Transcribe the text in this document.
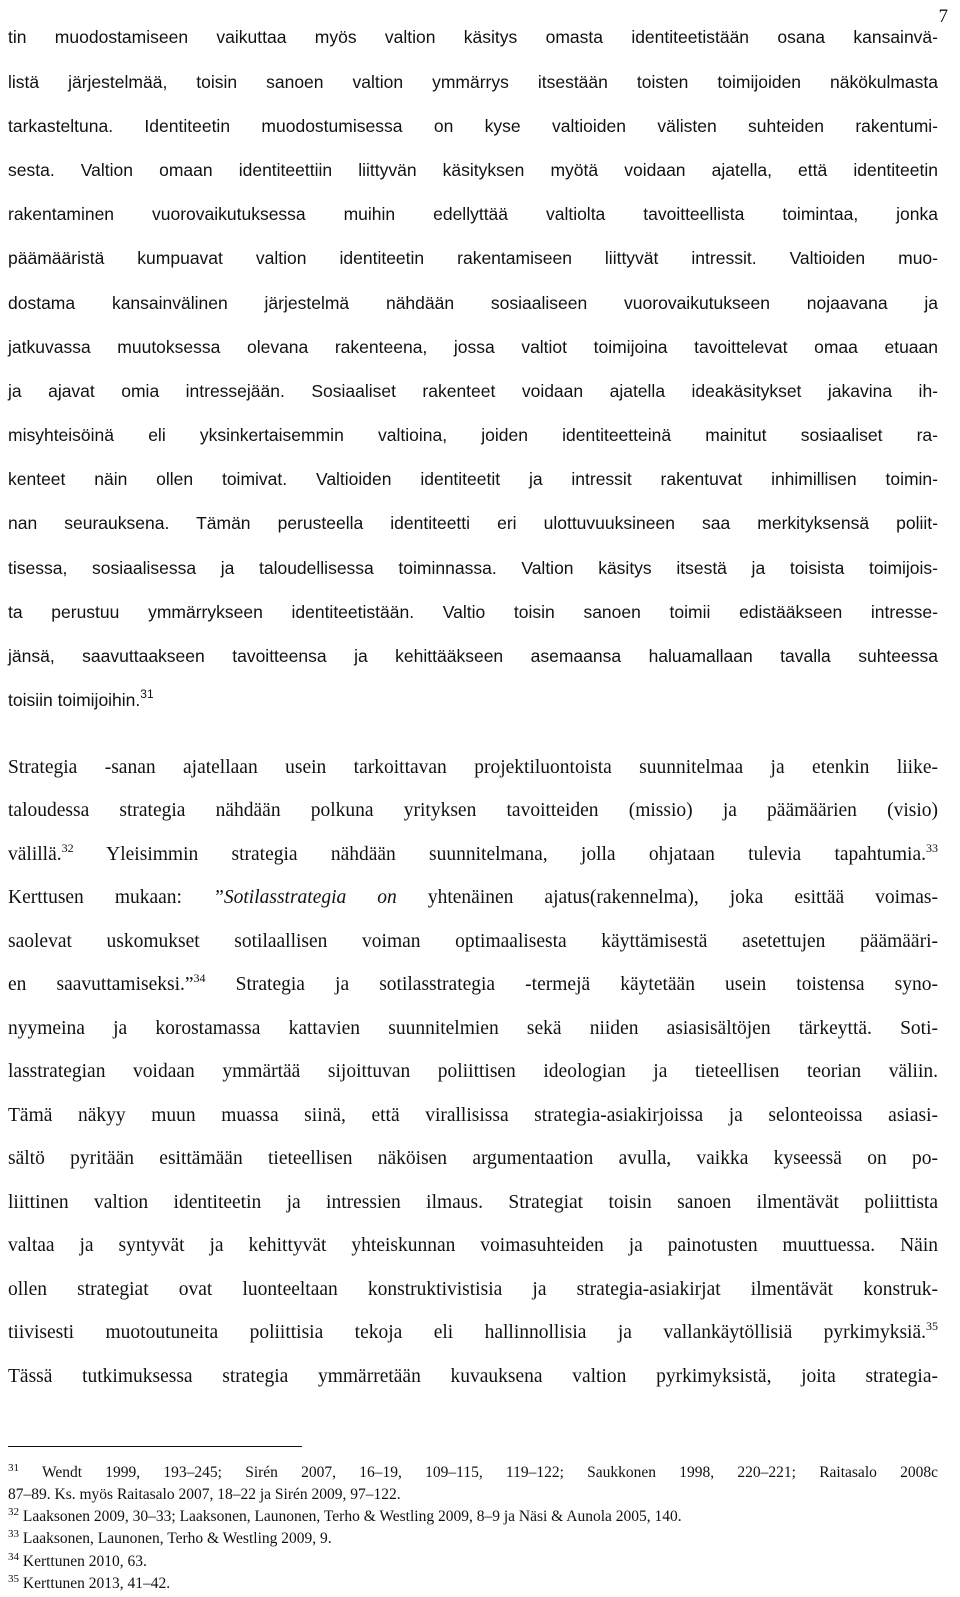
7

tin muodostamiseen vaikuttaa myös valtion käsitys omasta identiteetistään osana kansainvä-

listä järjestelmää, toisin sanoen valtion ymmärrys itsestään toisten toimijoiden näkökulmasta

tarkasteltuna. Identiteetin muodostumisessa on kyse valtioiden välisten suhteiden rakentumi-

sesta. Valtion omaan identiteettiin liittyvän käsityksen myötä voidaan ajatella, että identiteetin

rakentaminen vuorovaikutuksessa muihin edellyttää valtiolta tavoitteellista toimintaa, jonka

päämääristä kumpuavat valtion identiteetin rakentamiseen liittyvät intressit. Valtioiden muo-

dostama kansainvälinen järjestelmä nähdään sosiaaliseen vuorovaikutukseen nojaavana ja

jatkuvassa muutoksessa olevana rakenteena, jossa valtiot toimijoina tavoittelevat omaa etuaan

ja ajavat omia intressejään. Sosiaaliset rakenteet voidaan ajatella ideakäsitykset jakavina ih-

misyhteisöinä eli yksinkertaisemmin valtioina, joiden identiteetteinä mainitut sosiaaliset ra-

kenteet näin ollen toimivat. Valtioiden identiteetit ja intressit rakentuvat inhimillisen toimin-

nan seurauksena. Tämän perusteella identiteetti eri ulottuvuuksineen saa merkityksensä poliit-

tisessa, sosiaalisessa ja taloudellisessa toiminnassa. Valtion käsitys itsestä ja toisista toimijois-

ta perustuu ymmärrykseen identiteetistään. Valtio toisin sanoen toimii edistääkseen intresse-

jänsä, saavuttaakseen tavoitteensa ja kehittääkseen asemaansa haluamallaan tavalla suhteessa

toisiin toimijoihin.$^{31}$

Strategia -sanan ajatellaan usein tarkoittavan projektiluontoista suunnitelmaa ja etenkin liike-

taloudessa strategia nähdään polkuna yrityksen tavoitteiden (missio) ja päämäärien (visio)

välillä.$^{32}$ Yleisimmin strategia nähdään suunnitelmana, jolla ohjataan tulevia tapahtumia.$^{33}$

Kerttusen mukaan: ”Sotilasstrategia on yhtenäinen ajatus(rakennelma), joka esittää voimas-

saolevat uskomukset sotilaallisen voiman optimaalisesta käyttämisestä asetettujen päämääri-

en saavuttamiseksi.”$^{34}$ Strategia ja sotilasstrategia -termejä käytetään usein toistensa syno-

nyymeina ja korostamassa kattavien suunnitelmien sekä niiden asiasisältöjen tärkeyttä. Soti-

lasstrategian voidaan ymmärtää sijoittuvan poliittisen ideologian ja tieteellisen teorian väliin.

Tämä näkyy muun muassa siinä, että virallisissa strategia-asiakirjoissa ja selonteoissa asiasi-

sältö pyritään esittämään tieteellisen näköisen argumentaation avulla, vaikka kyseessä on po-

liittinen valtion identiteetin ja intressien ilmaus. Strategiat toisin sanoen ilmentävät poliittista

valtaa ja syntyvät ja kehittyvät yhteiskunnan voimasuhteiden ja painotusten muuttuessa. Näin

ollen strategiat ovat luonteeltaan konstruktivistisia ja strategia-asiakirjat ilmentävät konstruk-

tiivisesti muotoutuneita poliittisia tekoja eli hallinnollisia ja vallankäytöllisiä pyrkimyksiä.$^{35}$

Tässä tutkimuksessa strategia ymmärretään kuvauksena valtion pyrkimyksistä, joita strategia-

$^{31}$ Wendt 1999, 193–245; Sirén 2007, 16–19, 109–115, 119–122; Saukkonen 1998, 220–221; Raitasalo 2008c

87–89. Ks. myös Raitasalo 2007, 18–22 ja Sirén 2009, 97–122.

$^{32}$ Laaksonen 2009, 30–33; Laaksonen, Launonen, Terho & Westling 2009, 8–9 ja Näsi & Aunola 2005, 140.

$^{33}$ Laaksonen, Launonen, Terho & Westling 2009, 9.

$^{34}$ Kerttunen 2010, 63.

$^{35}$ Kerttunen 2013, 41–42.
